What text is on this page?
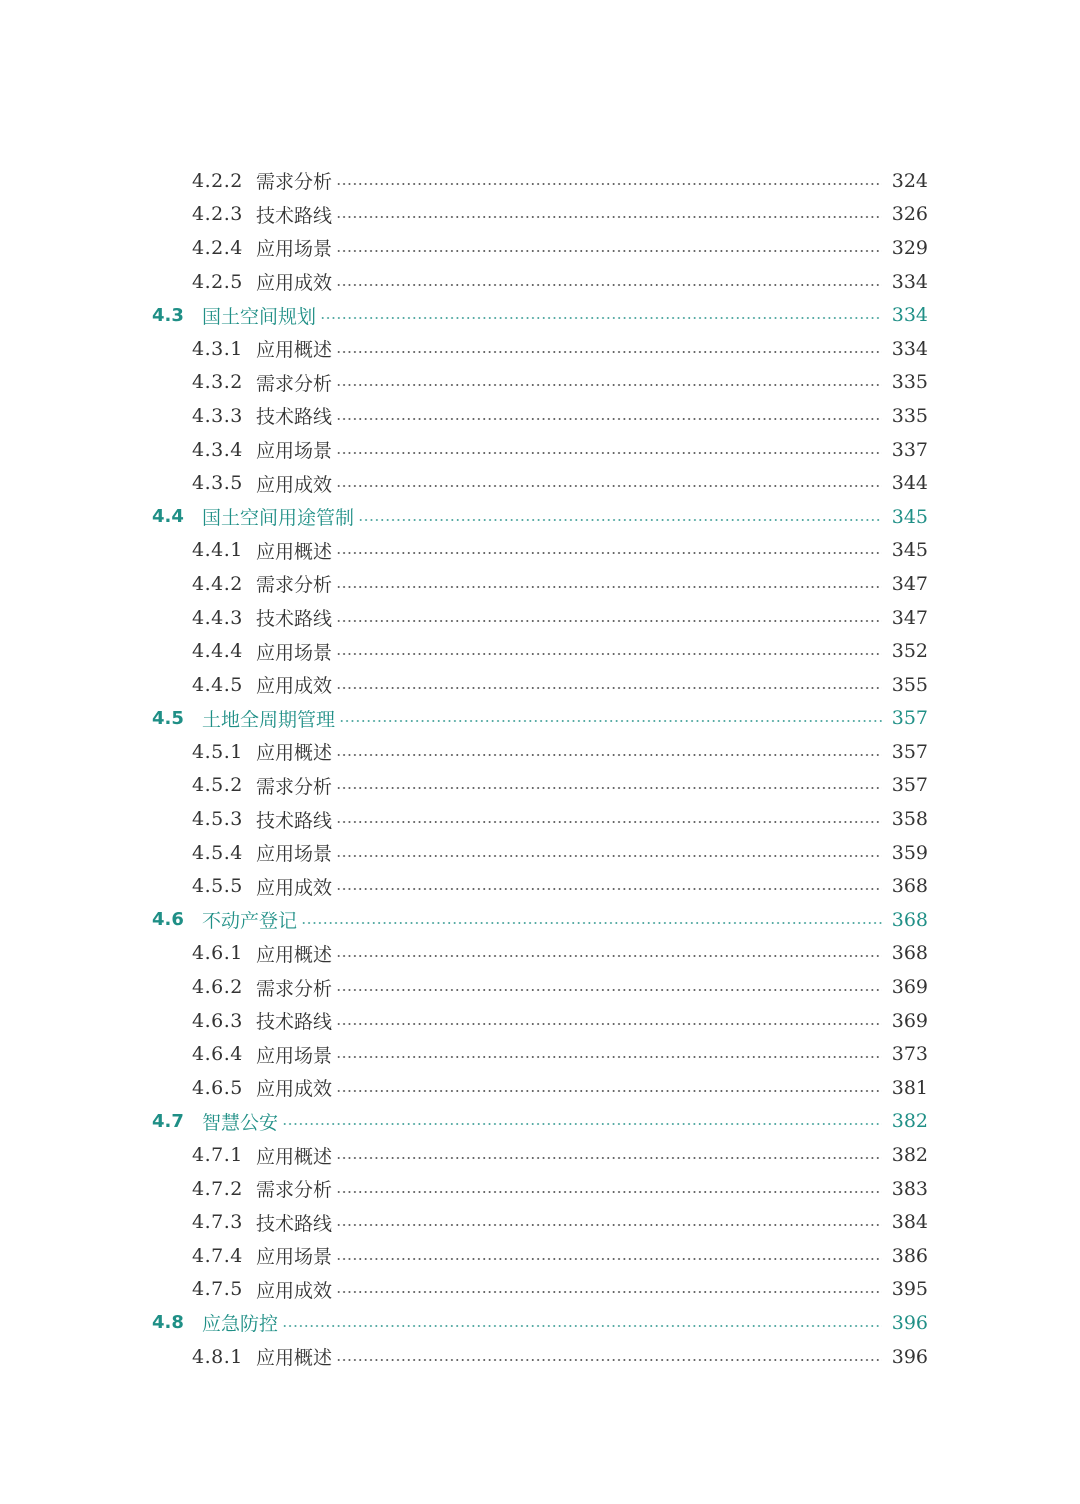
4.2.2 需求分析	324
4.2.3 技术路线	326
4.2.4 应用场景	329
4.2.5 应用成效	334
4.3 国土空间规划	334
4.3.1 应用概述	334
4.3.2 需求分析	335
4.3.3 技术路线	335
4.3.4 应用场景	337
4.3.5 应用成效	344
4.4 国土空间用途管制	345
4.4.1 应用概述	345
4.4.2 需求分析	347
4.4.3 技术路线	347
4.4.4 应用场景	352
4.4.5 应用成效	355
4.5 土地全周期管理	357
4.5.1 应用概述	357
4.5.2 需求分析	357
4.5.3 技术路线	358
4.5.4 应用场景	359
4.5.5 应用成效	368
4.6 不动产登记	368
4.6.1 应用概述	368
4.6.2 需求分析	369
4.6.3 技术路线	369
4.6.4 应用场景	373
4.6.5 应用成效	381
4.7 智慧公安	382
4.7.1 应用概述	382
4.7.2 需求分析	383
4.7.3 技术路线	384
4.7.4 应用场景	386
4.7.5 应用成效	395
4.8 应急防控	396
4.8.1 应用概述	396
